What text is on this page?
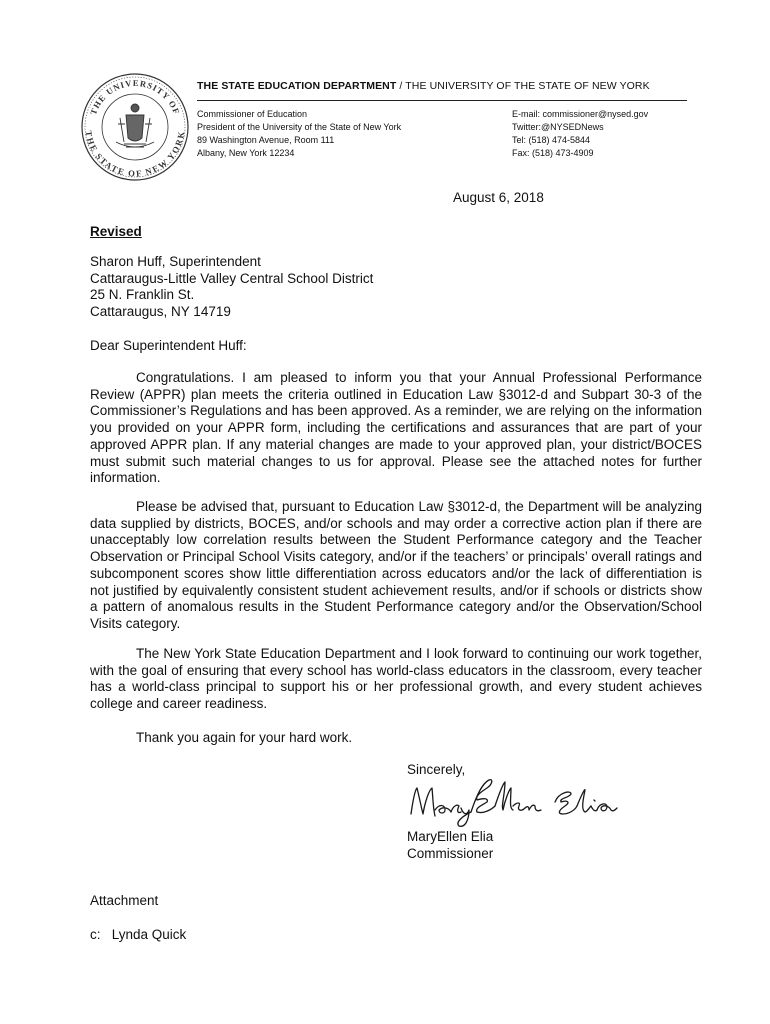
THE UNIVERSITY OF
THE STATE OF NEW YORK
THE STATE EDUCATION DEPARTMENT / THE UNIVERSITY OF THE STATE OF NEW YORK
Commissioner of Education
President of the University of the State of New York
89 Washington Avenue, Room 111
Albany, New York 12234
E-mail: commissioner@nysed.gov
Twitter:@NYSEDNews
Tel: (518) 474-5844
Fax: (518) 473-4909
August 6, 2018
Revised
Sharon Huff, Superintendent
Cattaraugus-Little Valley Central School District
25 N. Franklin St.
Cattaraugus, NY 14719
Dear Superintendent Huff:

Congratulations. I am pleased to inform you that your Annual Professional Performance Review (APPR) plan meets the criteria outlined in Education Law §3012-d and Subpart 30-3 of the Commissioner’s Regulations and has been approved. As a reminder, we are relying on the information you provided on your APPR form, including the certifications and assurances that are part of your approved APPR plan. If any material changes are made to your approved plan, your district/BOCES must submit such material changes to us for approval. Please see the attached notes for further information.

Please be advised that, pursuant to Education Law §3012-d, the Department will be analyzing data supplied by districts, BOCES, and/or schools and may order a corrective action plan if there are unacceptably low correlation results between the Student Performance category and the Teacher Observation or Principal School Visits category, and/or if the teachers’ or principals’ overall ratings and subcomponent scores show little differentiation across educators and/or the lack of differentiation is not justified by equivalently consistent student achievement results, and/or if schools or districts show a pattern of anomalous results in the Student Performance category and/or the Observation/School Visits category.

The New York State Education Department and I look forward to continuing our work together, with the goal of ensuring that every school has world-class educators in the classroom, every teacher has a world-class principal to support his or her professional growth, and every student achieves college and career readiness.

Thank you again for your hard work.
Sincerely,
MaryEllen Elia
Commissioner
Attachment
c:   Lynda Quick
